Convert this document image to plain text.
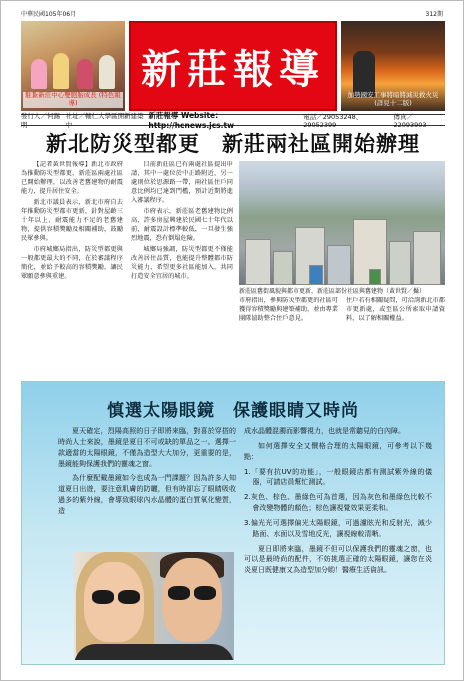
中華民國105年06月	312期
駐紮新莊中心雙胞胎成長 (特色報導)
新莊報導
加勢國安工事將暗將減災救火災 (詳見十二版)
發行人／何錫明
社址／輔仁大學區開新建築中
新莊報導 Website: http://hcnews.jcs.tw
電話／29053248、29052399
傳真／22093903
新北防災型都更　新莊兩社區開始辦理

【記者黃世賢報導】新北市政府為推動防災型都更，新莊區兩處社區已開始辦理，以改善老舊建物的耐震能力，提升居住安全。

新北市議員表示，新北市府自去年推動防災型都市更新，針對屋齡三十年以上、耐震能力不足的老舊建物，提供容積獎勵及相關補助，鼓勵民眾參與。

市府城鄉局指出，防災型都更與一般都更最大的不同，在於審議程序簡化，並給予較高的容積獎勵，讓民眾願意參與重建。

目前新莊區已有兩處社區提出申請，其中一處位於中正路附近，另一處則位於思源路一帶，兩社區住戶同意比例均已達到門檻，預計近期將進入審議程序。

市府表示，新莊區老舊建物比例高，許多房屋興建於民國七十年代以前，耐震設計標準較低，一旦發生強烈地震，恐有倒塌危險。

城鄉局強調，防災型都更不僅能改善居住品質，也能提升整體都市防災能力，希望更多社區能加入，共同打造安全宜居的城市。

新莊區舊街風貌與都市更新，新莊區部份社區與舊建物（黃世賢／攝）

市府指出，參與防災型都更的社區可獲得容積獎勵與建築補助，並由專業團隊協助整合住戶意見。

住戶若有相關疑問，可洽詢新北市都市更新處，或至區公所索取申請資料，以了解相關權益。

慎選太陽眼鏡　保護眼睛又時尚

夏天確定，烈陽高照的日子即將來臨，對喜於穿搭的時尚人士來說，墨鏡是夏日不可或缺的單品之一。選擇一款適當的太陽眼鏡，不僅為造型大大加分，更重要的是，墨鏡能夠保護我們的靈魂之窗。

為什麼配戴墨鏡如今也成為一門課題？因為許多人知道夏日出遊，要注意肌膚的防曬，但有時卻忘了眼睛吸收過多的紫外線，會導致眼球內水晶體的蛋白質氧化變質，造

成水晶體混濁而影響視力，也就是常聽見的白內障。

如何選擇安全又價格合理的太陽眼鏡，可參考以下幾點：

1.「要有抗UV的功能」，一般眼鏡店都有測試紫外線的儀器，可請店員幫忙測試。

2.灰色、棕色、墨綠色可為首選，因為灰色和墨綠色比較不會改變物體的顏色；棕色讓視覺效果更柔和。

3.偏光光可選擇偏光太陽眼鏡，可過濾眩光和反射光，減少路面、水面以及雪地反光，讓視線較清晰。

夏日即將來臨，墨鏡不但可以保護我們的靈魂之窗，也可以是最時尚的配件，不妨挑選正確的太陽眼鏡，讓您在炎炎夏日既健康又為造型加分喲！醫療生活資訊。
